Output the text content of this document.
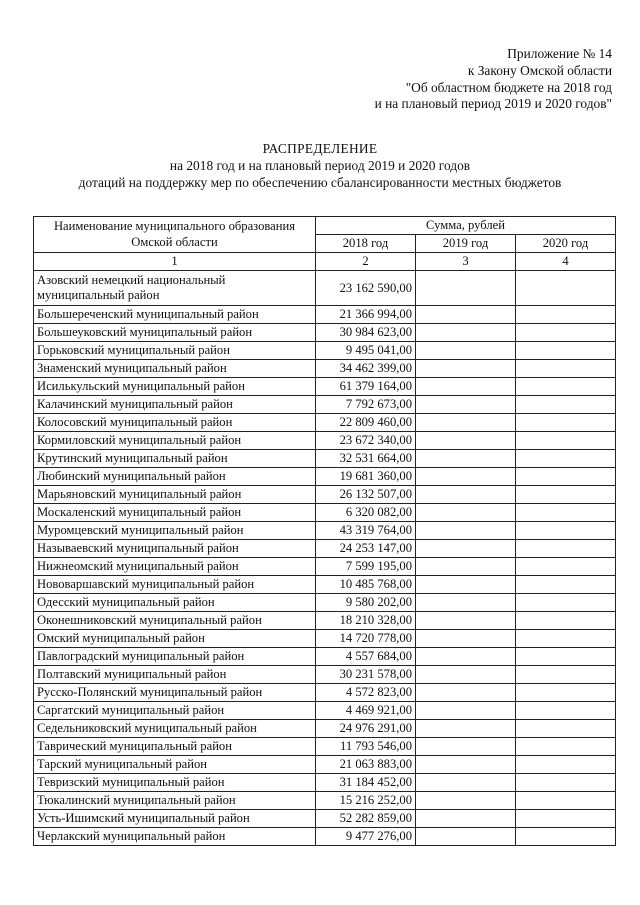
Приложение № 14
к Закону Омской области
"Об областном бюджете на 2018 год
и на плановый период 2019 и 2020 годов"
РАСПРЕДЕЛЕНИЕ
на 2018 год и на плановый период 2019 и 2020 годов
дотаций на поддержку мер по обеспечению сбалансированности местных бюджетов
Наименование муниципального образования Омской области	Сумма, рублей		
	2018 год	2019 год	2020 год
1	2	3	4
Азовский немецкий национальный муниципальный район	23 162 590,00		
Большереченский муниципальный район	21 366 994,00		
Большеуковский муниципальный район	30 984 623,00		
Горьковский муниципальный район	9 495 041,00		
Знаменский муниципальный район	34 462 399,00		
Исилькульский муниципальный район	61 379 164,00		
Калачинский муниципальный район	7 792 673,00		
Колосовский муниципальный район	22 809 460,00		
Кормиловский муниципальный район	23 672 340,00		
Крутинский муниципальный район	32 531 664,00		
Любинский муниципальный район	19 681 360,00		
Марьяновский муниципальный район	26 132 507,00		
Москаленский муниципальный район	6 320 082,00		
Муромцевский муниципальный район	43 319 764,00		
Называевский муниципальный район	24 253 147,00		
Нижнеомский муниципальный район	7 599 195,00		
Нововаршавский муниципальный район	10 485 768,00		
Одесский муниципальный район	9 580 202,00		
Оконешниковский муниципальный район	18 210 328,00		
Омский муниципальный район	14 720 778,00		
Павлоградский муниципальный район	4 557 684,00		
Полтавский муниципальный район	30 231 578,00		
Русско-Полянский муниципальный район	4 572 823,00		
Саргатский муниципальный район	4 469 921,00		
Седельниковский муниципальный район	24 976 291,00		
Таврический муниципальный район	11 793 546,00		
Тарский муниципальный район	21 063 883,00		
Тевризский муниципальный район	31 184 452,00		
Тюкалинский муниципальный район	15 216 252,00		
Усть-Ишимский муниципальный район	52 282 859,00		
Черлакский муниципальный район	9 477 276,00		
